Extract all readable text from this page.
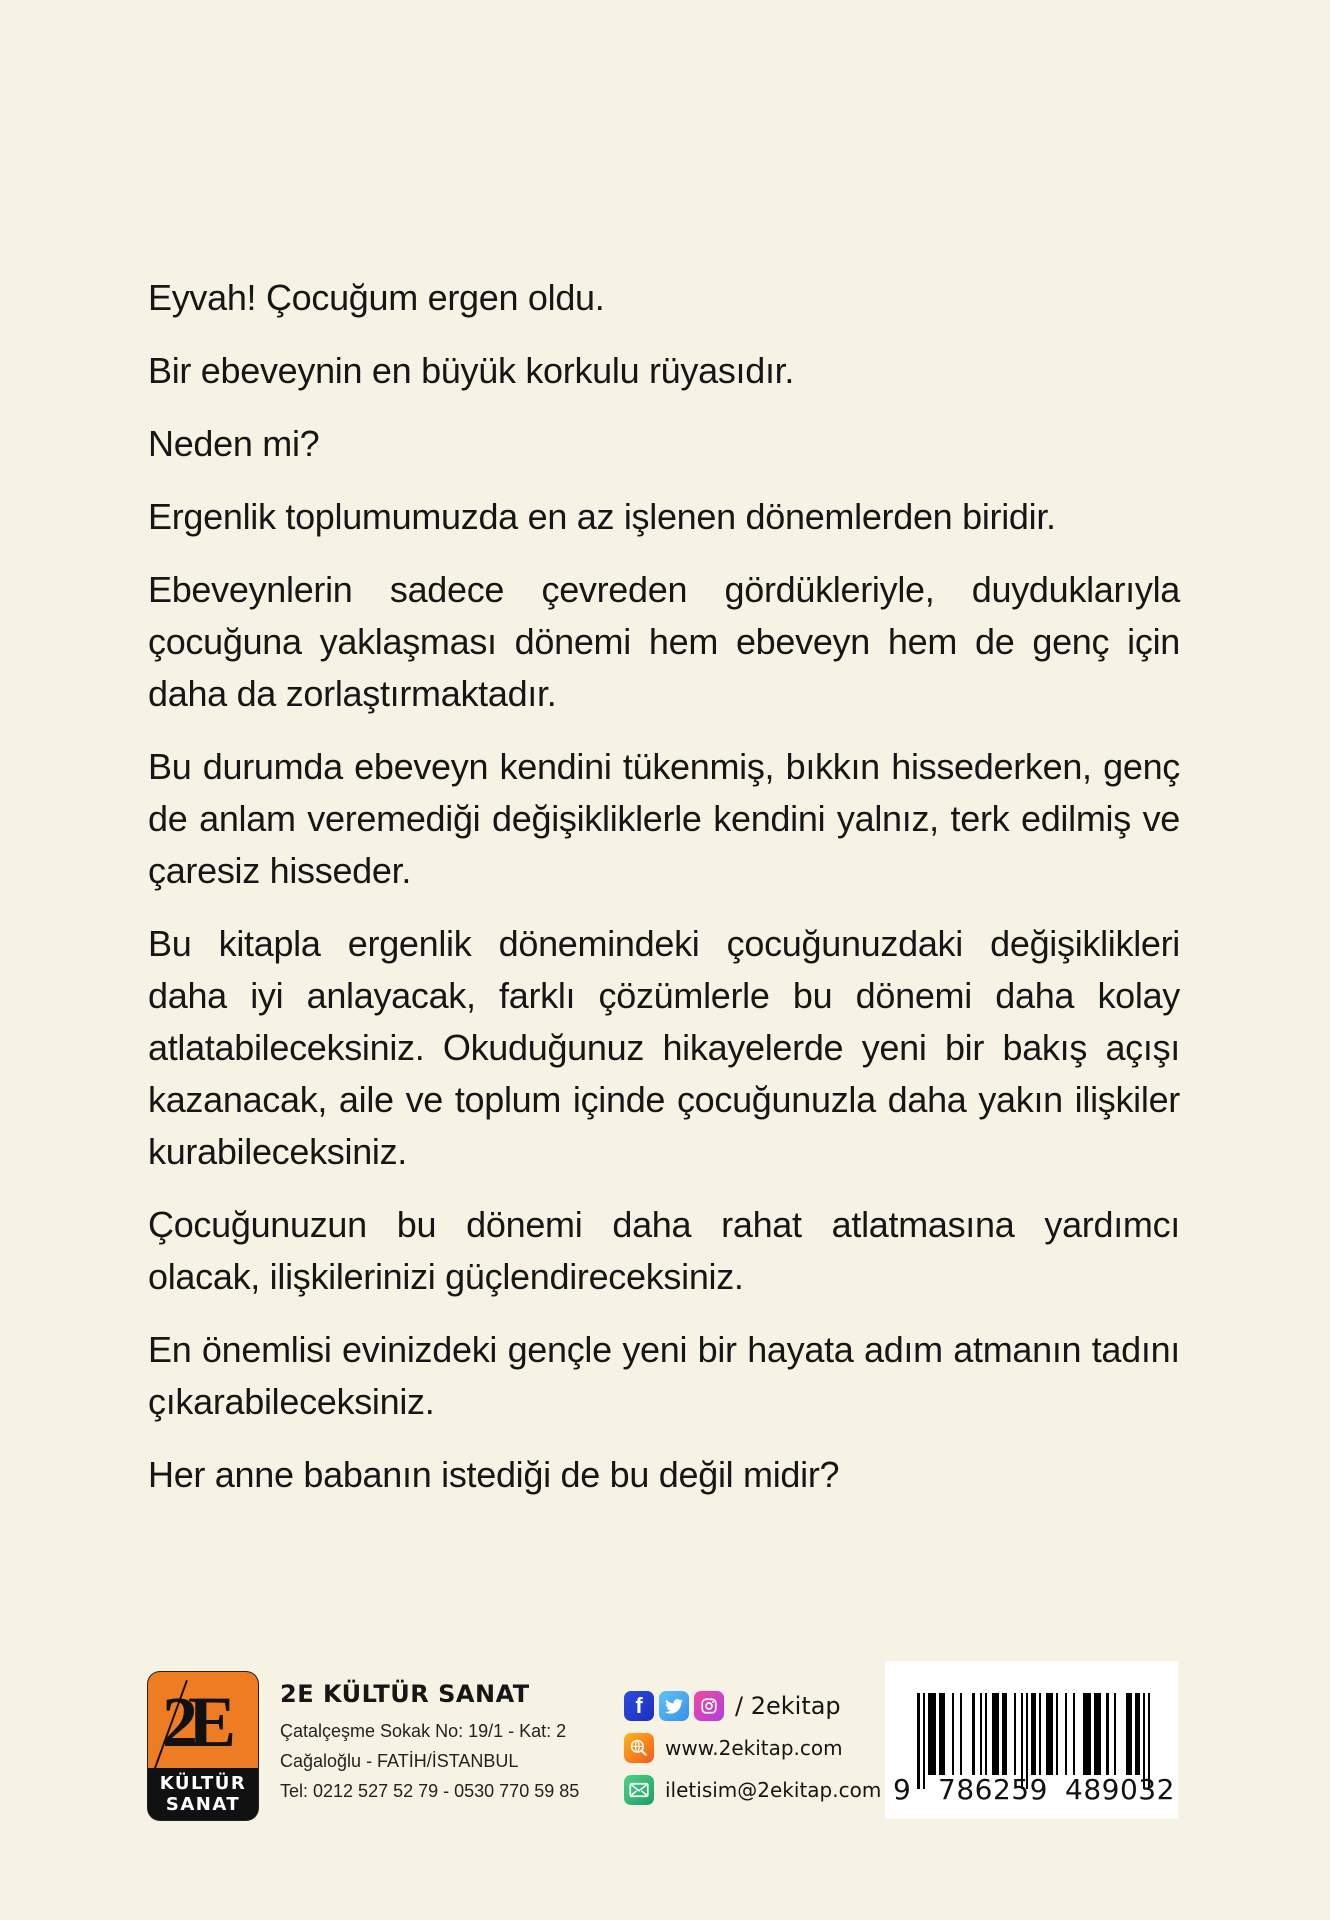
Eyvah! Çocuğum ergen oldu.

Bir ebeveynin en büyük korkulu rüyasıdır.

Neden mi?

Ergenlik toplumumuzda en az işlenen dönemlerden biridir.

Ebeveynlerin sadece çevreden gördükleriyle, duyduklarıyla çocuğuna yaklaşması dönemi hem ebeveyn hem de genç için daha da zorlaştırmaktadır.

Bu durumda ebeveyn kendini tükenmiş, bıkkın hissederken, genç de anlam veremediği değişikliklerle kendini yalnız, terk edilmiş ve çaresiz hisseder.

Bu kitapla ergenlik dönemindeki çocuğunuzdaki değişiklikleri daha iyi anlayacak, farklı çözümlerle bu dönemi daha kolay atlatabileceksiniz. Okuduğunuz hikayelerde yeni bir bakış açışı kazanacak, aile ve toplum içinde çocuğunuzla daha yakın ilişkiler kurabileceksiniz.

Çocuğunuzun bu dönemi daha rahat atlatmasına yardımcı olacak, ilişkilerinizi güçlendireceksiniz.

En önemlisi evinizdeki gençle yeni bir hayata adım atmanın tadını çıkarabileceksiniz.

Her anne babanın istediği de bu değil midir?

2E
KÜLTÜR
SANAT
2E KÜLTÜR SANAT
Çatalçeşme Sokak No: 19/1 - Kat: 2
Cağaloğlu - FATİH/İSTANBUL
Tel: 0212 527 52 79 - 0530 770 59 85
f	/ 2ekitap
www.2ekitap.com
iletisim@2ekitap.com 9 786259 489032
